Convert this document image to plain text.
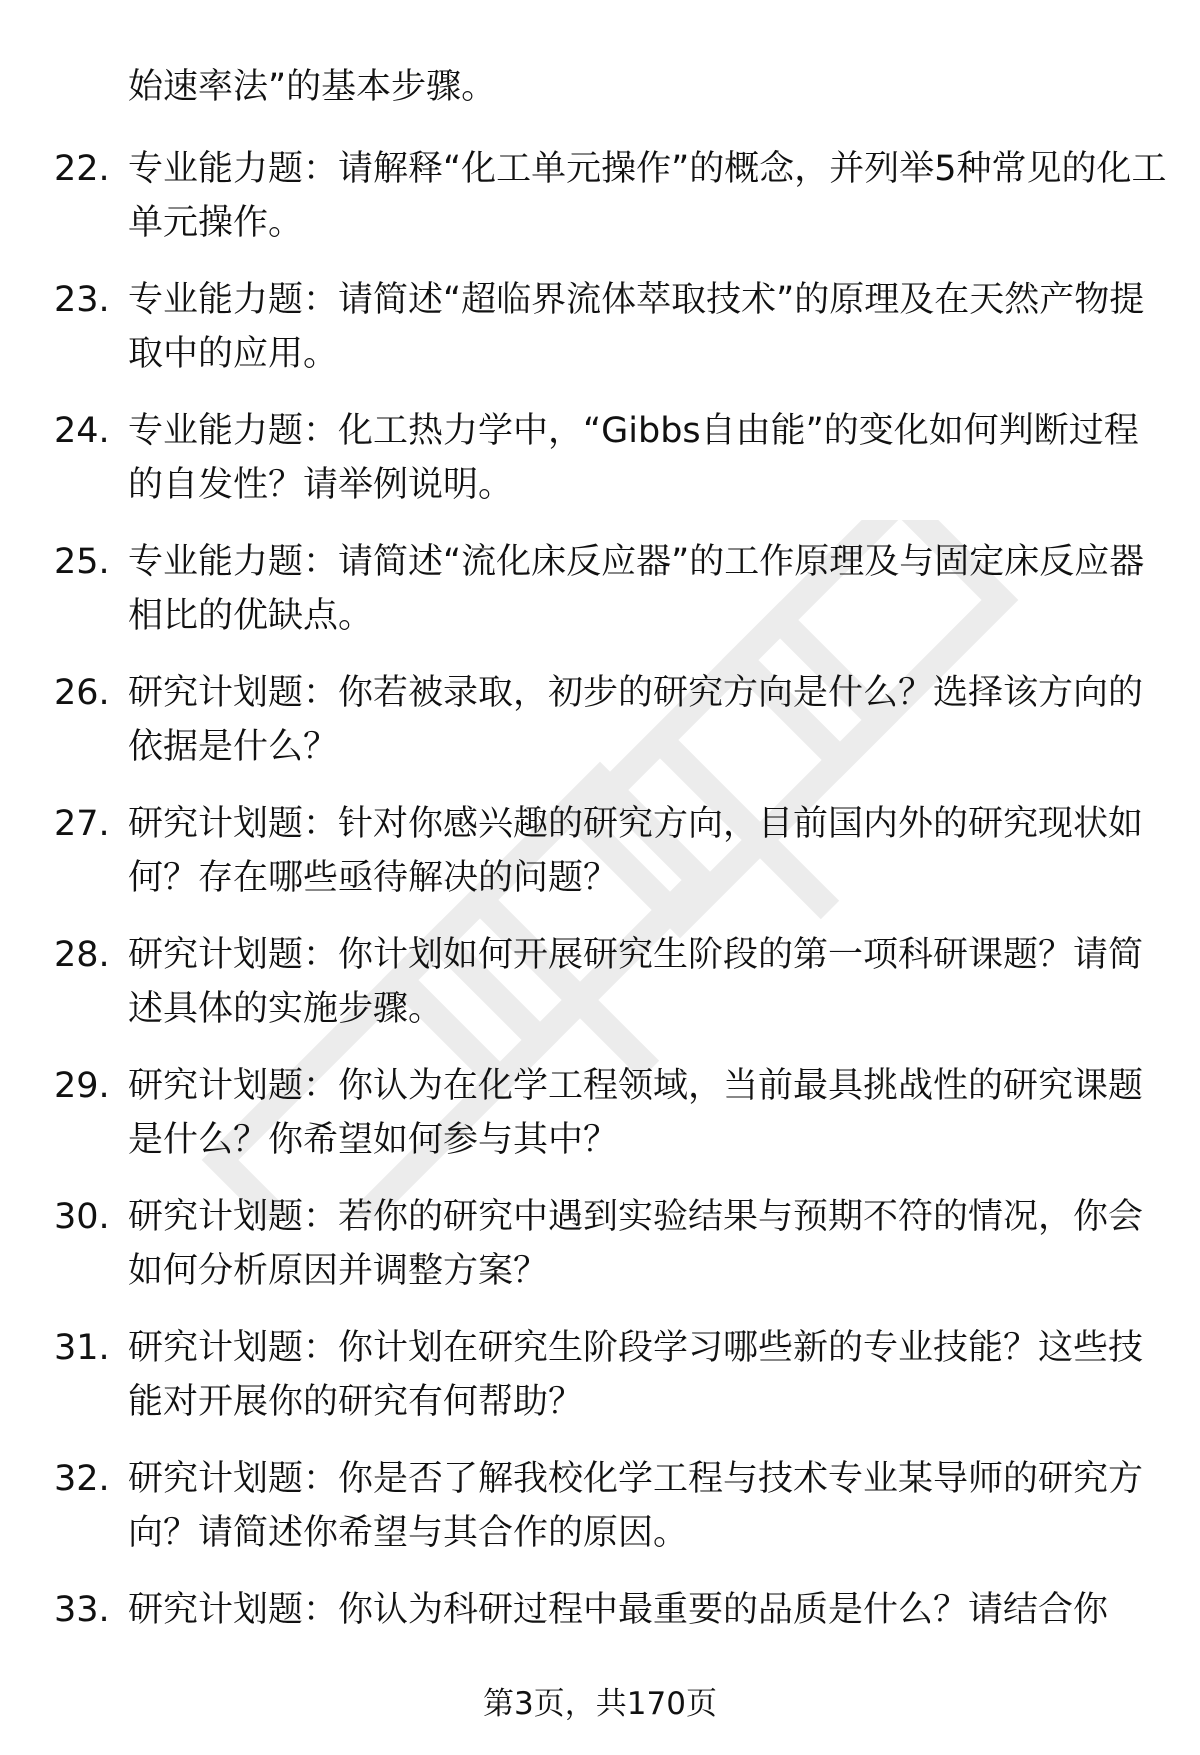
始速率法”的基本步骤。
22. 专业能力题：请解释“化工单元操作”的概念，并列举5种常见的化工单元操作。
23. 专业能力题：请简述“超临界流体萃取技术”的原理及在天然产物提取中的应用。
24. 专业能力题：化工热力学中，“Gibbs自由能”的变化如何判断过程的自发性？请举例说明。
25. 专业能力题：请简述“流化床反应器”的工作原理及与固定床反应器相比的优缺点。
26. 研究计划题：你若被录取，初步的研究方向是什么？选择该方向的依据是什么？
27. 研究计划题：针对你感兴趣的研究方向，目前国内外的研究现状如何？存在哪些亟待解决的问题？
28. 研究计划题：你计划如何开展研究生阶段的第一项科研课题？请简述具体的实施步骤。
29. 研究计划题：你认为在化学工程领域，当前最具挑战性的研究课题是什么？你希望如何参与其中？
30. 研究计划题：若你的研究中遇到实验结果与预期不符的情况，你会如何分析原因并调整方案？
31. 研究计划题：你计划在研究生阶段学习哪些新的专业技能？这些技能对开展你的研究有何帮助？
32. 研究计划题：你是否了解我校化学工程与技术专业某导师的研究方向？请简述你希望与其合作的原因。
33. 研究计划题：你认为科研过程中最重要的品质是什么？请结合你
第3页，共170页
